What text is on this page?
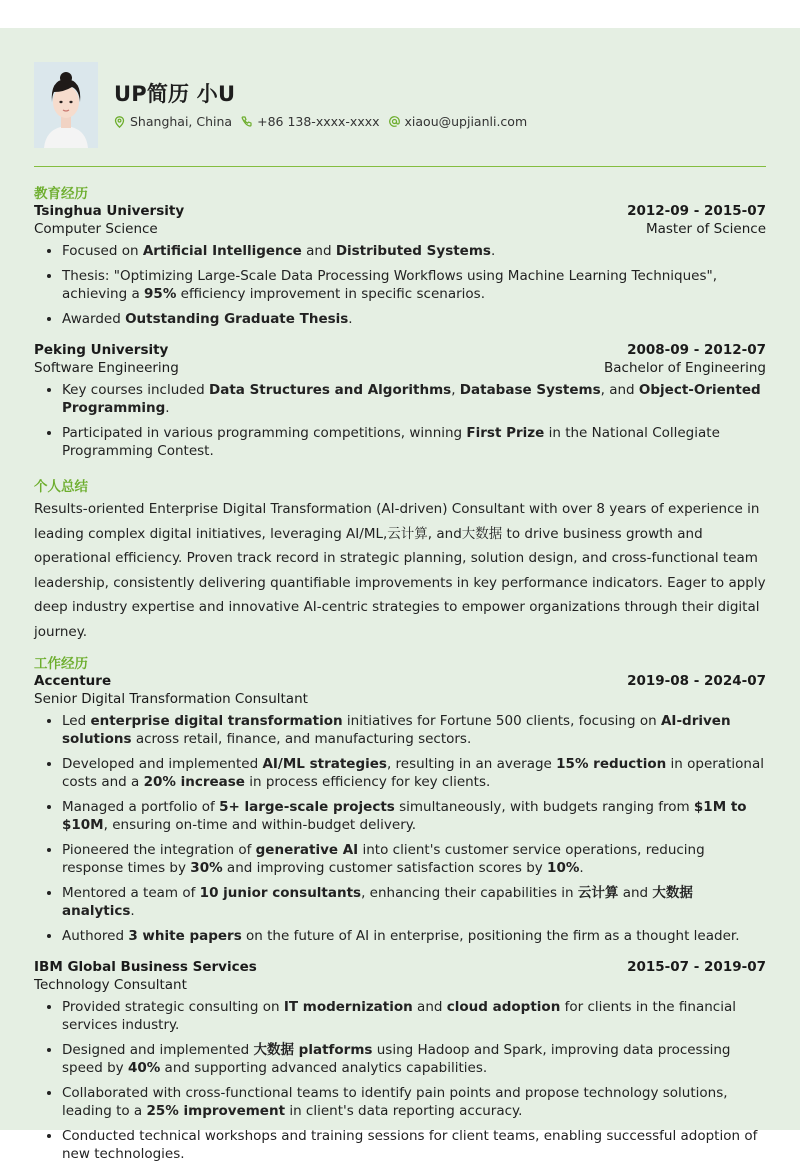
UP简历 小U
Shanghai, China +86 138-xxxx-xxxx xiaou@upjianli.com
教育经历
Tsinghua University	2012-09 - 2015-07
Computer Science	Master of Science
• Focused on Artificial Intelligence and Distributed Systems.
• Thesis: "Optimizing Large-Scale Data Processing Workflows using Machine Learning Techniques", achieving a 95% efficiency improvement in specific scenarios.
• Awarded Outstanding Graduate Thesis.
Peking University	2008-09 - 2012-07
Software Engineering	Bachelor of Engineering
• Key courses included Data Structures and Algorithms, Database Systems, and Object-Oriented Programming.
• Participated in various programming competitions, winning First Prize in the National Collegiate Programming Contest.
个人总结
Results-oriented Enterprise Digital Transformation (AI-driven) Consultant with over 8 years of experience in leading complex digital initiatives, leveraging AI/ML,云计算, and大数据 to drive business growth and operational efficiency. Proven track record in strategic planning, solution design, and cross-functional team leadership, consistently delivering quantifiable improvements in key performance indicators. Eager to apply deep industry expertise and innovative AI-centric strategies to empower organizations through their digital journey.
工作经历
Accenture	2019-08 - 2024-07
Senior Digital Transformation Consultant
• Led enterprise digital transformation initiatives for Fortune 500 clients, focusing on AI-driven solutions across retail, finance, and manufacturing sectors.
• Developed and implemented AI/ML strategies, resulting in an average 15% reduction in operational costs and a 20% increase in process efficiency for key clients.
• Managed a portfolio of 5+ large-scale projects simultaneously, with budgets ranging from $1M to $10M, ensuring on-time and within-budget delivery.
• Pioneered the integration of generative AI into client's customer service operations, reducing response times by 30% and improving customer satisfaction scores by 10%.
• Mentored a team of 10 junior consultants, enhancing their capabilities in 云计算 and 大数据 analytics.
• Authored 3 white papers on the future of AI in enterprise, positioning the firm as a thought leader.
IBM Global Business Services	2015-07 - 2019-07
Technology Consultant
• Provided strategic consulting on IT modernization and cloud adoption for clients in the financial services industry.
• Designed and implemented 大数据 platforms using Hadoop and Spark, improving data processing speed by 40% and supporting advanced analytics capabilities.
• Collaborated with cross-functional teams to identify pain points and propose technology solutions, leading to a 25% improvement in client's data reporting accuracy.
• Conducted technical workshops and training sessions for client teams, enabling successful adoption of new technologies.
